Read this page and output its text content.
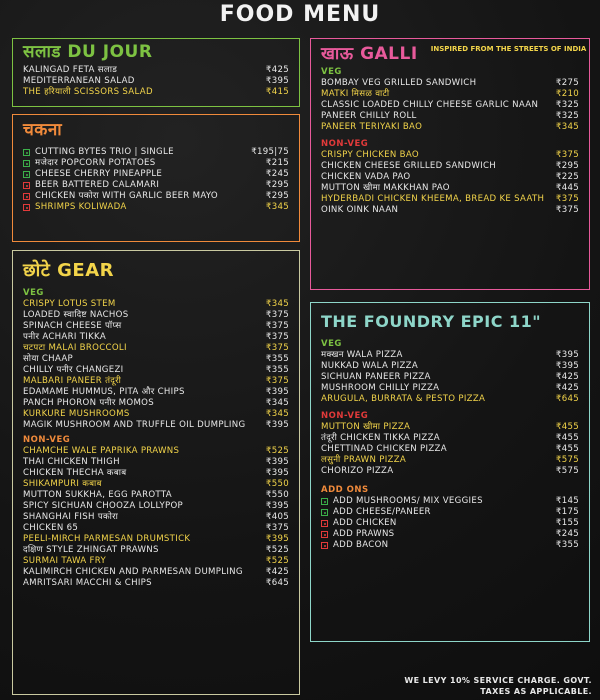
FOOD MENU
सलाड DU JOUR
KALINGAD FETA सलाड	₹425
MEDITERRANEAN SALAD	₹395
THE हरियाली SCISSORS SALAD	₹415
चकना
CUTTING BYTES TRIO | SINGLE	₹195|75
मजेदार POPCORN POTATOES	₹215
CHEESE CHERRY PINEAPPLE	₹245
BEER BATTERED CALAMARI	₹295
CHICKEN पकोरा WITH GARLIC BEER MAYO	₹295
SHRIMPS KOLIWADA	₹345
छोटे GEAR
VEG
CRISPY LOTUS STEM	₹345
LOADED स्वादिष्ट NACHOS	₹375
SPINACH CHEESE पॉप्स	₹375
पनीर ACHARI TIKKA	₹375
चटपटा MALAI BROCCOLI	₹375
सोया CHAAP	₹355
CHILLY पनीर CHANGEZI	₹355
MALBARI PANEER तंदूरी	₹375
EDAMAME HUMMUS, PITA और CHIPS	₹395
PANCH PHORON पनीर MOMOS	₹345
KURKURE MUSHROOMS	₹345
MAGIK MUSHROOM AND TRUFFLE OIL DUMPLING	₹395
NON-VEG
CHAMCHE WALE PAPRIKA PRAWNS	₹525
THAI CHICKEN THIGH	₹395
CHICKEN THECHA कबाब	₹395
SHIKAMPURI कबाब	₹550
MUTTON SUKKHA, EGG PAROTTA	₹550
SPICY SICHUAN CHOOZA LOLLYPOP	₹395
SHANGHAI FISH पकोरा	₹405
CHICKEN 65	₹375
PEELI-MIRCH PARMESAN DRUMSTICK	₹395
दक्षिण STYLE ZHINGAT PRAWNS	₹525
SURMAI TAWA FRY	₹525
KALIMIRCH CHICKEN AND PARMESAN DUMPLING	₹425
AMRITSARI MACCHI & CHIPS	₹645
खाऊ GALLI INSPIRED FROM THE STREETS OF INDIA
VEG
BOMBAY VEG GRILLED SANDWICH	₹275
MATKI मिसळ वाटी	₹210
CLASSIC LOADED CHILLY CHEESE GARLIC NAAN	₹325
PANEER CHILLY ROLL	₹325
PANEER TERIYAKI BAO	₹345
NON-VEG
CRISPY CHICKEN BAO	₹375
CHICKEN CHEESE GRILLED SANDWICH	₹295
CHICKEN VADA PAO	₹225
MUTTON खीमा MAKKHAN PAO	₹445
HYDERBADI CHICKEN KHEEMA, BREAD KE SAATH	₹375
OINK OINK NAAN	₹375
THE FOUNDRY EPIC 11"
VEG
मक्खन WALA PIZZA	₹395
NUKKAD WALA PIZZA	₹395
SICHUAN PANEER PIZZA	₹425
MUSHROOM CHILLY PIZZA	₹425
ARUGULA, BURRATA & PESTO PIZZA	₹645
NON-VEG
MUTTON खीमा PIZZA	₹455
तंदूरी CHICKEN TIKKA PIZZA	₹455
CHETTINAD CHICKEN PIZZA	₹455
लसुनी PRAWN PIZZA	₹575
CHORIZO PIZZA	₹575
ADD ONS
ADD MUSHROOMS/ MIX VEGGIES	₹145
ADD CHEESE/PANEER	₹175
ADD CHICKEN	₹155
ADD PRAWNS	₹245
ADD BACON	₹355
WE LEVY 10% SERVICE CHARGE. GOVT. TAXES AS APPLICABLE.
